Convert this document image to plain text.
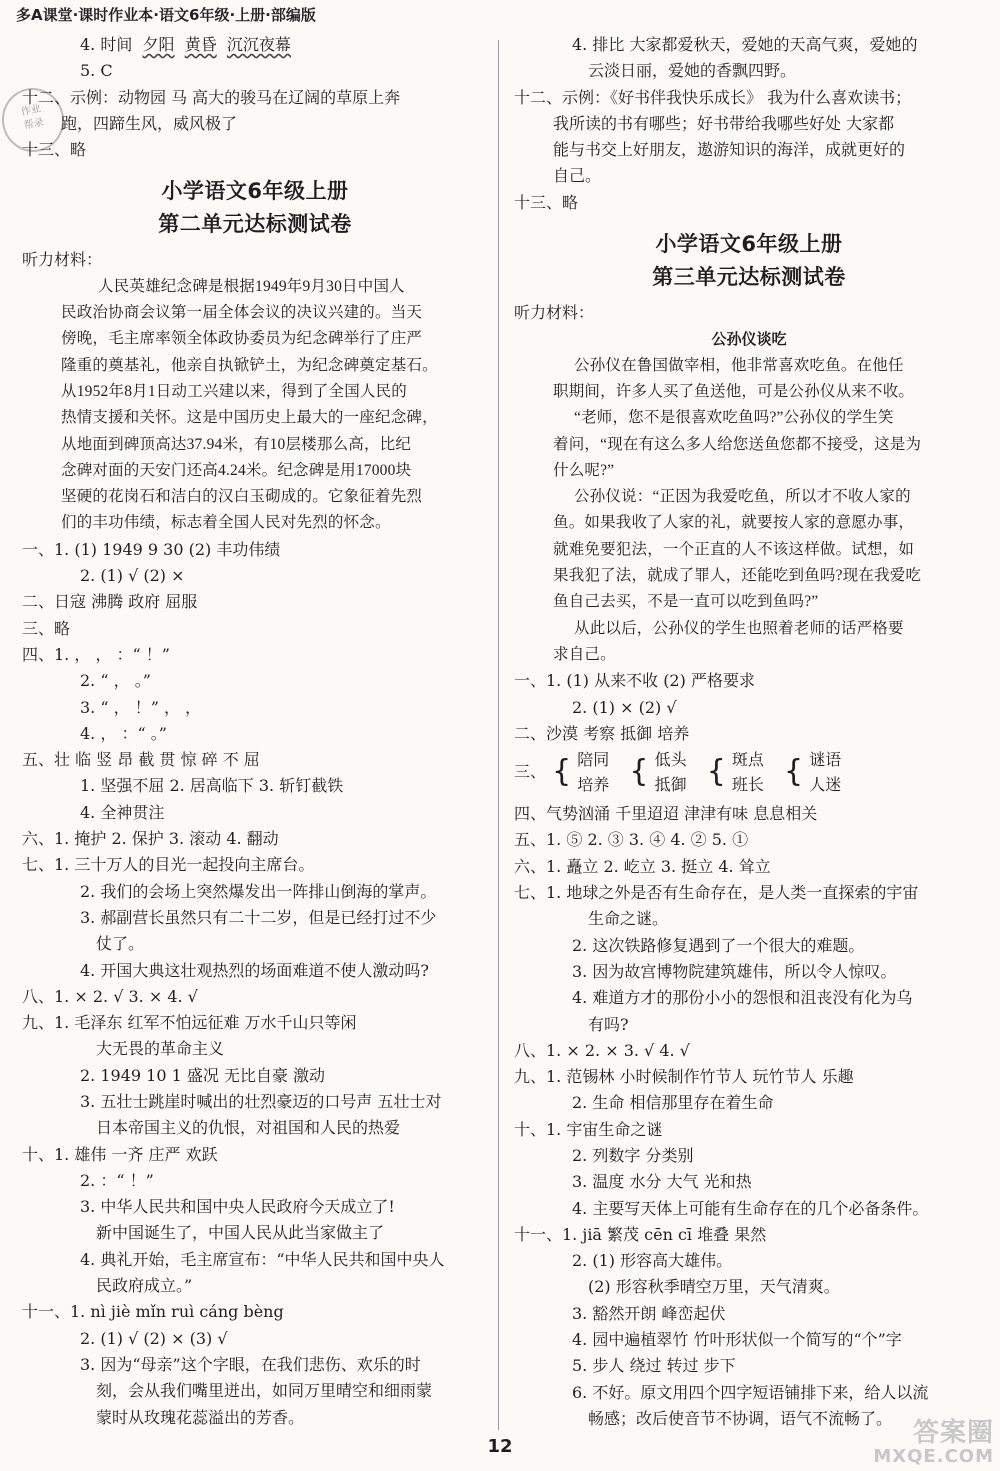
多A课堂·课时作业本·语文6年级·上册·部编版
作业
帮录
4. 时间  夕阳 黄昏 沉沉夜幕
5. C
十二、示例：动物园 马 高大的骏马在辽阔的草原上奔
跑，四蹄生风，威风极了
十三、略
小学语文6年级上册
第二单元达标测试卷
听力材料：
人民英雄纪念碑是根据1949年9月30日中国人
民政治协商会议第一届全体会议的决议兴建的。当天
傍晚，毛主席率领全体政协委员为纪念碑举行了庄严
隆重的奠基礼，他亲自执锨铲土，为纪念碑奠定基石。
从1952年8月1日动工兴建以来，得到了全国人民的
热情支援和关怀。这是中国历史上最大的一座纪念碑，
从地面到碑顶高达37.94米，有10层楼那么高，比纪
念碑对面的天安门还高4.24米。纪念碑是用17000块
坚硬的花岗石和洁白的汉白玉砌成的。它象征着先烈
们的丰功伟绩，标志着全国人民对先烈的怀念。
一、1. (1) 1949 9 30 (2) 丰功伟绩
2. (1) √ (2) ×
二、日寇 沸腾 政府 屈服
三、略
四、1. ， ， ：“ ！”
2. “ ， 。”
3. “ ， ！” ， ，
4. ， ：“ 。”
五、壮 临 竖 昂 截 贯 惊 碎 不 屈
1. 坚强不屈 2. 居高临下 3. 斩钉截铁
4. 全神贯注
六、1. 掩护 2. 保护 3. 滚动 4. 翻动
七、1. 三十万人的目光一起投向主席台。
2. 我们的会场上突然爆发出一阵排山倒海的掌声。
3. 郝副营长虽然只有二十二岁，但是已经打过不少
仗了。
4. 开国大典这壮观热烈的场面难道不使人激动吗?
八、1. × 2. √ 3. × 4. √
九、1. 毛泽东 红军不怕远征难 万水千山只等闲
大无畏的革命主义
2. 1949 10 1 盛况 无比自豪 激动
3. 五壮士跳崖时喊出的壮烈豪迈的口号声 五壮士对
日本帝国主义的仇恨，对祖国和人民的热爱
十、1. 雄伟 一齐 庄严 欢跃
2. ：“ ！”
3. 中华人民共和国中央人民政府今天成立了!
新中国诞生了，中国人民从此当家做主了
4. 典礼开始，毛主席宣布：“中华人民共和国中央人
民政府成立。”
十一、1. nì jiè mǐn ruì cáng bèng
2. (1) √ (2) × (3) √
3. 因为“母亲”这个字眼，在我们悲伤、欢乐的时
刻，会从我们嘴里迸出，如同万里晴空和细雨蒙
蒙时从玫瑰花蕊溢出的芳香。
4. 排比 大家都爱秋天，爱她的天高气爽，爱她的
云淡日丽，爱她的香飘四野。
十二、示例：《好书伴我快乐成长》 我为什么喜欢读书；
我所读的书有哪些；好书带给我哪些好处 大家都
能与书交上好朋友，遨游知识的海洋，成就更好的
自己。
十三、略
小学语文6年级上册
第三单元达标测试卷
听力材料：
公孙仪谈吃
公孙仪在鲁国做宰相，他非常喜欢吃鱼。在他任
职期间，许多人买了鱼送他，可是公孙仪从来不收。
“老师，您不是很喜欢吃鱼吗?”公孙仪的学生笑
着问，“现在有这么多人给您送鱼您都不接受，这是为
什么呢?”
公孙仪说：“正因为我爱吃鱼，所以才不收人家的
鱼。如果我收了人家的礼，就要按人家的意愿办事，
就难免要犯法，一个正直的人不该这样做。试想，如
果我犯了法，就成了罪人，还能吃到鱼吗?现在我爱吃
鱼自己去买，不是一直可以吃到鱼吗?”
从此以后，公孙仪的学生也照着老师的话严格要
求自己。
一、1. (1) 从来不收 (2) 严格要求
2. (1) × (2) √
二、沙漠 考察 抵御 培养
三、 { 陪同
培养 { 低头
抵御 { 斑点
班长 { 谜语
人迷
四、气势汹涌 千里迢迢 津津有味 息息相关
五、1. ⑤ 2. ③ 3. ④ 4. ② 5. ①
六、1. 矗立 2. 屹立 3. 挺立 4. 耸立
七、1. 地球之外是否有生命存在，是人类一直探索的宇宙
生命之谜。
2. 这次铁路修复遇到了一个很大的难题。
3. 因为故宫博物院建筑雄伟，所以令人惊叹。
4. 难道方才的那份小小的怨恨和沮丧没有化为乌
有吗?
八、1. × 2. × 3. √ 4. √
九、1. 范锡林 小时候制作竹节人 玩竹节人 乐趣
2. 生命 相信那里存在着生命
十、1. 宇宙生命之谜
2. 列数字 分类别
3. 温度 水分 大气 光和热
4. 主要写天体上可能有生命存在的几个必备条件。
十一、1. jiā 繁茂 cēn cī 堆叠 果然
2. (1) 形容高大雄伟。
(2) 形容秋季晴空万里，天气清爽。
3. 豁然开朗 峰峦起伏
4. 园中遍植翠竹 竹叶形状似一个简写的“个”字
5. 步人 绕过 转过 步下
6. 不好。原文用四个四字短语铺排下来，给人以流
畅感；改后使音节不协调，语气不流畅了。
12	答案圈
MXQE.COM
